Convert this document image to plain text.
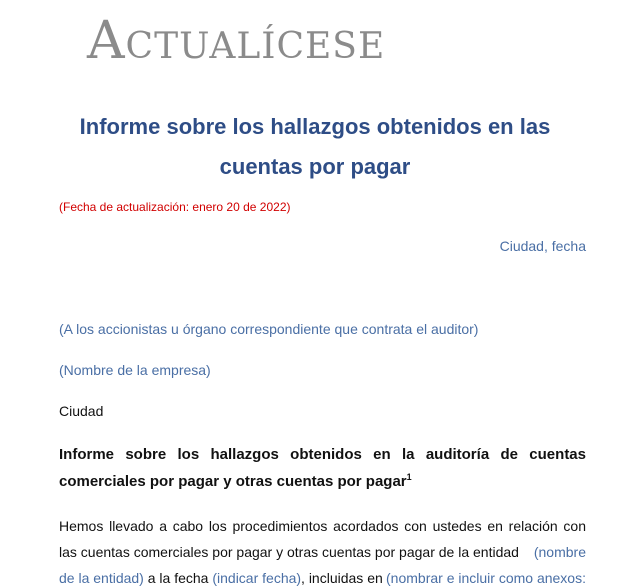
Actualícese
Informe sobre los hallazgos obtenidos en las
cuentas por pagar
(Fecha de actualización: enero 20 de 2022)
Ciudad, fecha
(A los accionistas u órgano correspondiente que contrata el auditor)
(Nombre de la empresa)
Ciudad
Informe sobre los hallazgos obtenidos en la auditoría de cuentas
comerciales por pagar y otras cuentas por pagar$^1$
Hemos llevado a cabo los procedimientos acordados con ustedes en relación con
las cuentas comerciales por pagar y otras cuentas por pagar de la entidad (nombre
de la entidad) a la fecha (indicar fecha), incluidas en (nombrar e incluir como anexos:
